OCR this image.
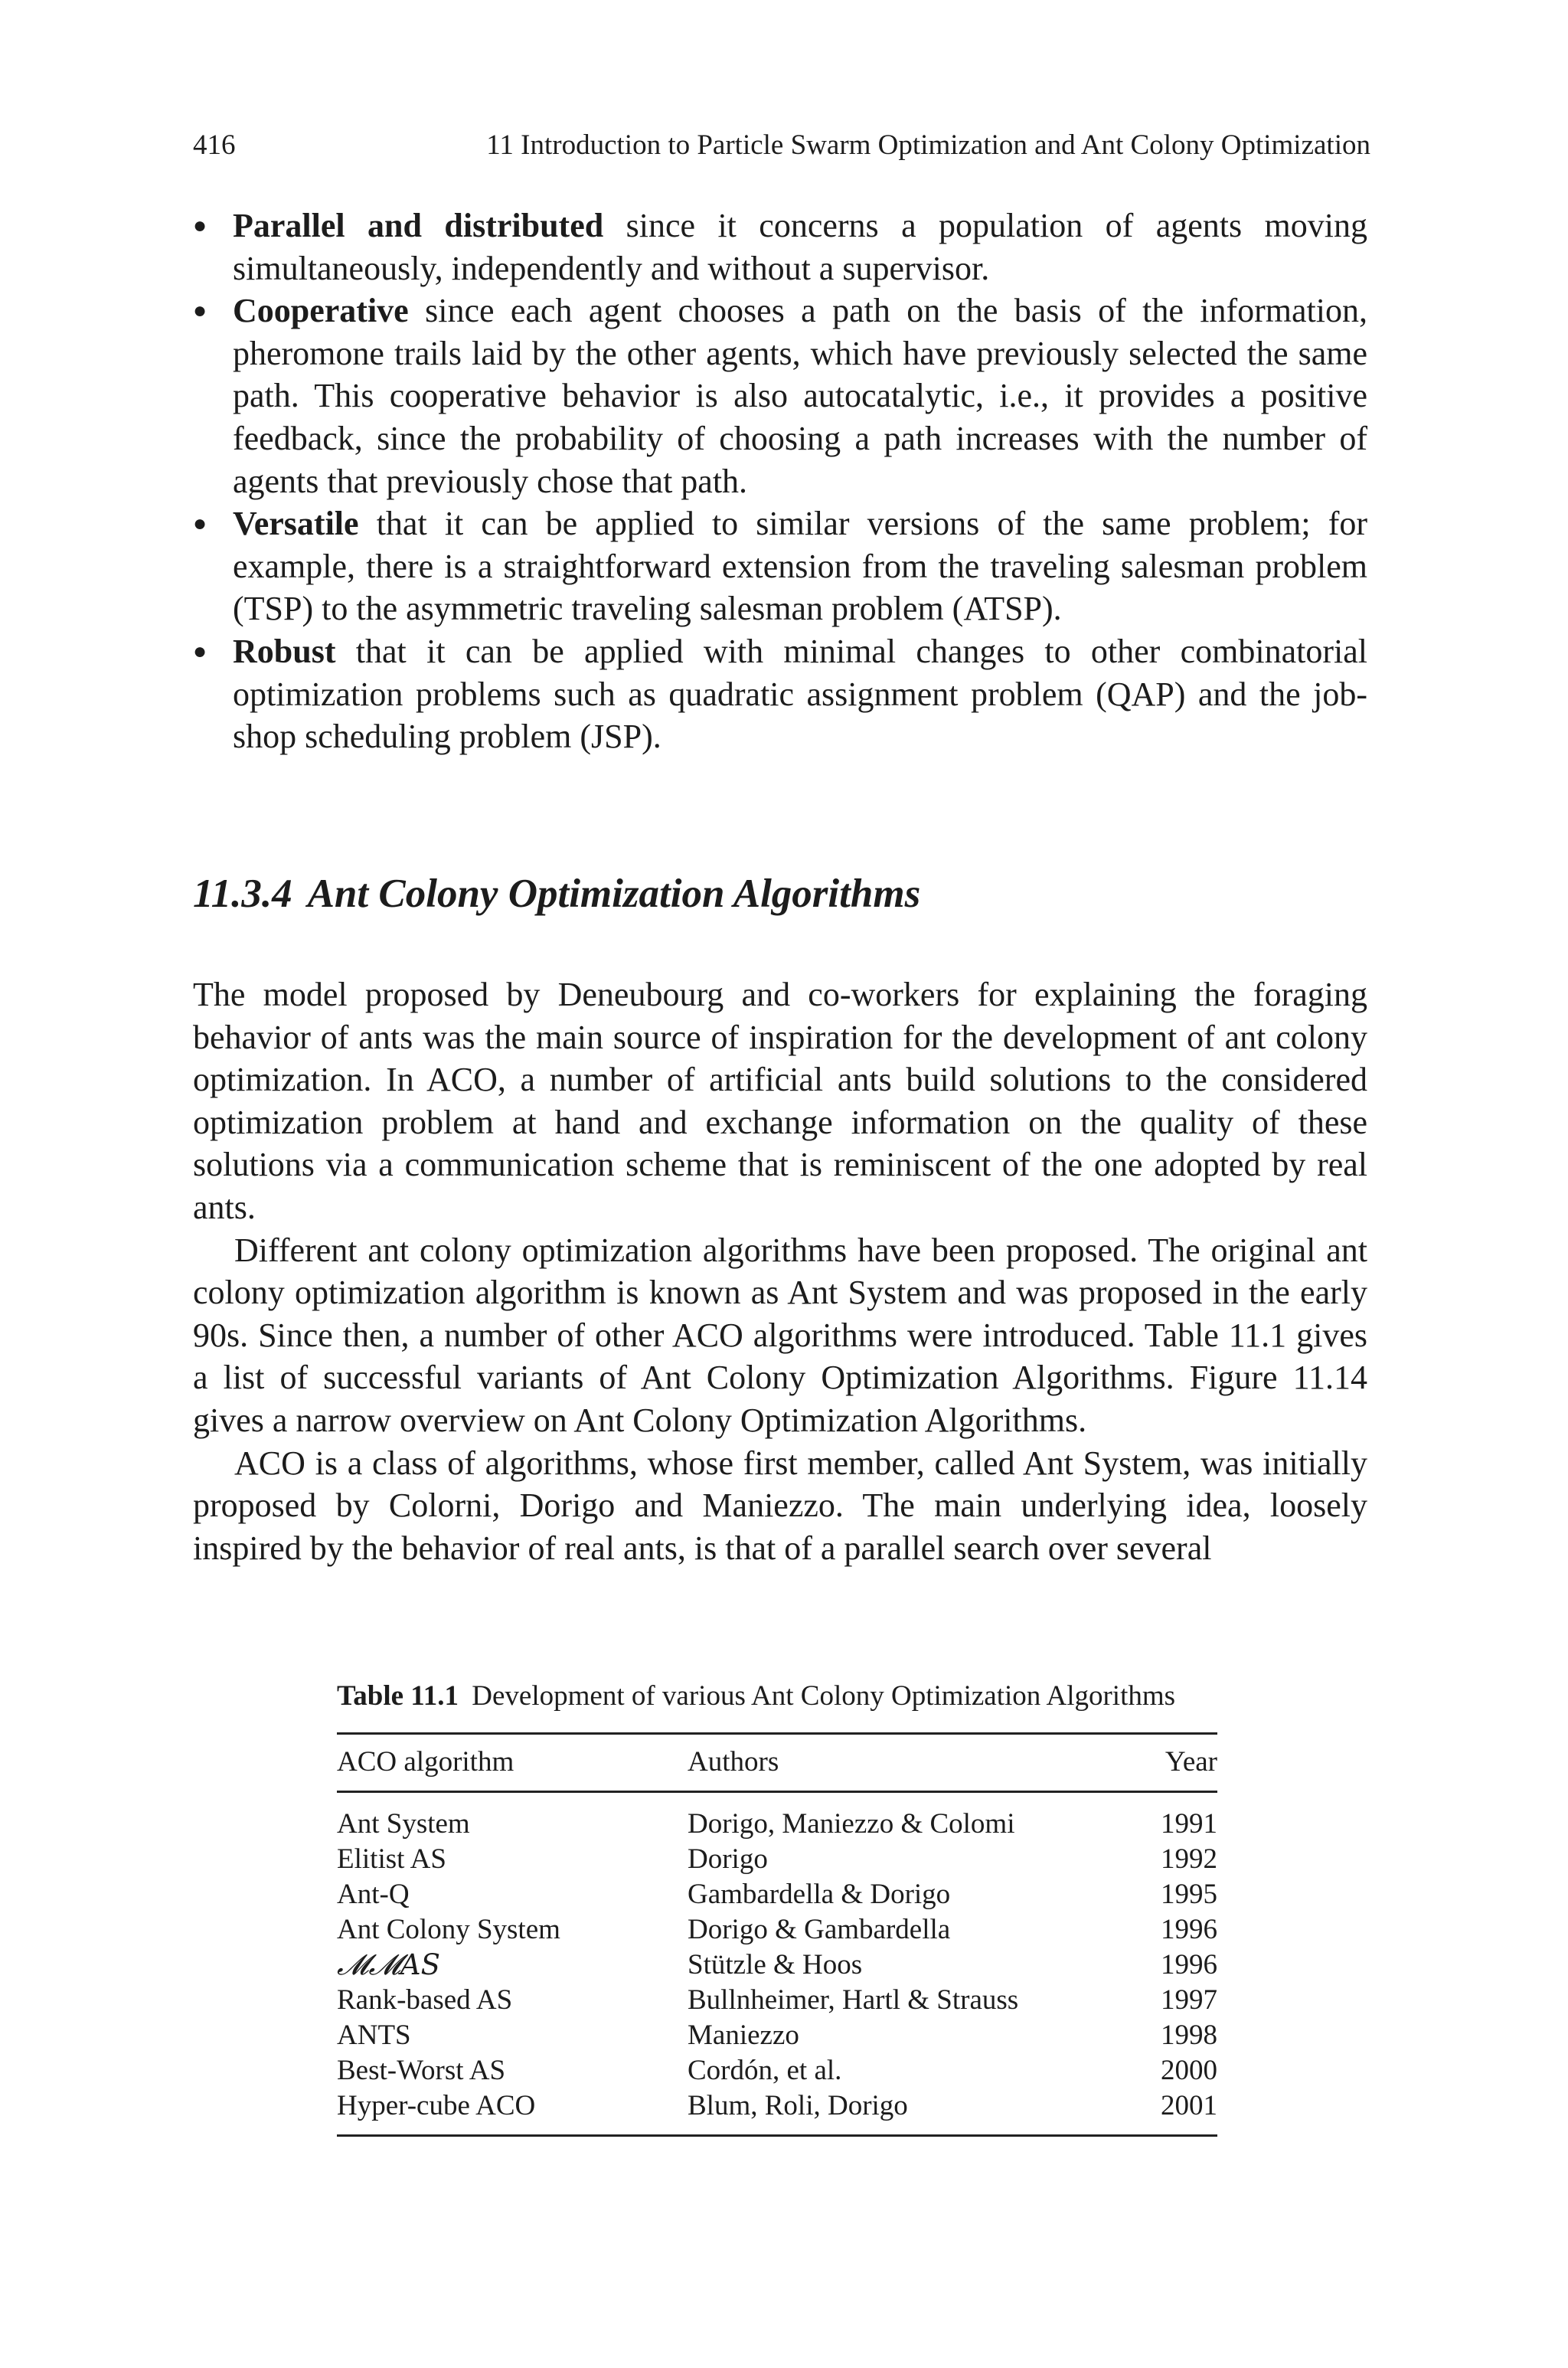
416	11 Introduction to Particle Swarm Optimization and Ant Colony Optimization
● Parallel and distributed since it concerns a population of agents moving simultaneously, independently and without a supervisor.
● Cooperative since each agent chooses a path on the basis of the information, pheromone trails laid by the other agents, which have previously selected the same path. This cooperative behavior is also autocatalytic, i.e., it provides a positive feedback, since the probability of choosing a path increases with the number of agents that previously chose that path.
● Versatile that it can be applied to similar versions of the same problem; for example, there is a straightforward extension from the traveling salesman problem (TSP) to the asymmetric traveling salesman problem (ATSP).
● Robust that it can be applied with minimal changes to other combinatorial optimization problems such as quadratic assignment problem (QAP) and the job-shop scheduling problem (JSP).
11.3.4 Ant Colony Optimization Algorithms

The model proposed by Deneubourg and co-workers for explaining the foraging behavior of ants was the main source of inspiration for the development of ant colony optimization. In ACO, a number of artificial ants build solutions to the considered optimization problem at hand and exchange information on the quality of these solutions via a communication scheme that is reminiscent of the one adopted by real ants.

Different ant colony optimization algorithms have been proposed. The original ant colony optimization algorithm is known as Ant System and was proposed in the early 90s. Since then, a number of other ACO algorithms were introduced. Table 11.1 gives a list of successful variants of Ant Colony Optimization Algorithms. Figure 11.14 gives a narrow overview on Ant Colony Optimization Algorithms.

ACO is a class of algorithms, whose first member, called Ant System, was initially proposed by Colorni, Dorigo and Maniezzo. The main underlying idea, loosely inspired by the behavior of real ants, is that of a parallel search over several

Table 11.1 Development of various Ant Colony Optimization Algorithms
ACO algorithm	Authors	Year
Ant System	Dorigo, Maniezzo & Colomi	1991
Elitist AS	Dorigo	1992
Ant-Q	Gambardella & Dorigo	1995
Ant Colony System	Dorigo & Gambardella	1996
𝓜𝓜AS	Stützle & Hoos	1996
Rank-based AS	Bullnheimer, Hartl & Strauss	1997
ANTS	Maniezzo	1998
Best-Worst AS	Cordón, et al.	2000
Hyper-cube ACO	Blum, Roli, Dorigo	2001
